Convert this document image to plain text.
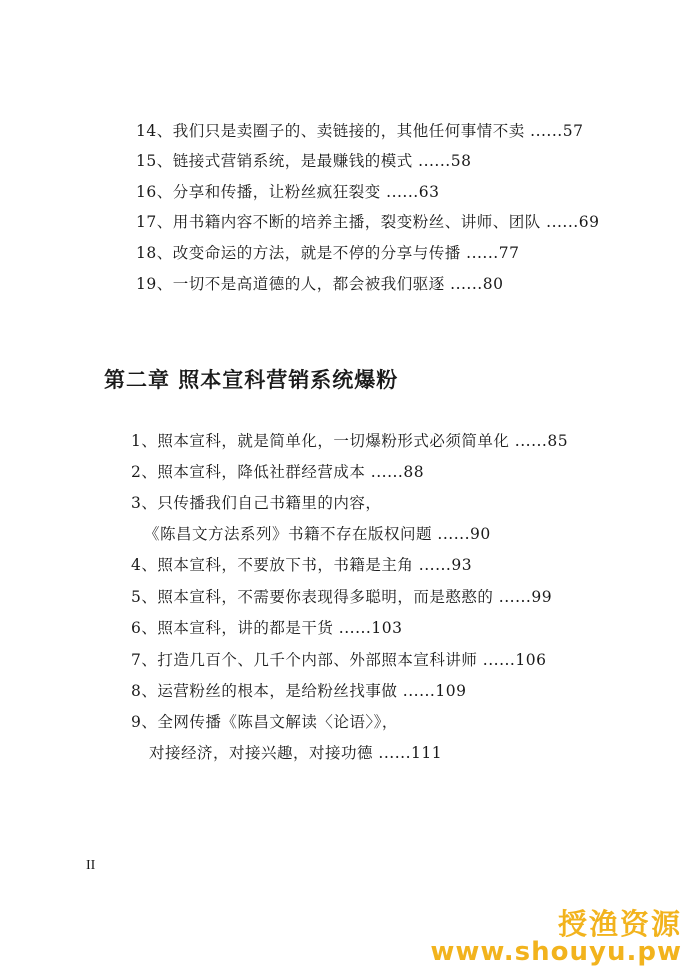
14、我们只是卖圈子的、卖链接的，其他任何事情不卖 ......57
15、链接式营销系统，是最赚钱的模式 ......58
16、分享和传播，让粉丝疯狂裂变 ......63
17、用书籍内容不断的培养主播，裂变粉丝、讲师、团队 ......69
18、改变命运的方法，就是不停的分享与传播 ......77
19、一切不是高道德的人，都会被我们驱逐 ......80
第二章 照本宣科营销系统爆粉
1、照本宣科，就是简单化，一切爆粉形式必须简单化 ......85
2、照本宣科，降低社群经营成本 ......88
3、只传播我们自己书籍里的内容，
《陈昌文方法系列》书籍不存在版权问题 ......90
4、照本宣科，不要放下书，书籍是主角 ......93
5、照本宣科，不需要你表现得多聪明，而是憨憨的 ......99
6、照本宣科，讲的都是干货 ......103
7、打造几百个、几千个内部、外部照本宣科讲师 ......106
8、运营粉丝的根本，是给粉丝找事做 ......109
9、全网传播《陈昌文解读〈论语〉》，
对接经济，对接兴趣，对接功德 ......111
II
授渔资源
www.shouyu.pw
